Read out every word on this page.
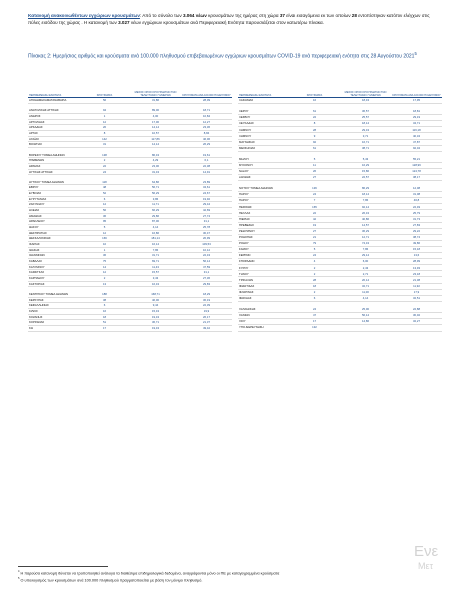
Κατανομή ανακοινωθέντων εγχώριων κρουσμάτων: Από το σύνολο των 3.064 νέων κρουσμάτων της ημέρας στη χώρα 37 είναι εισαγόμενα εκ των οποίων 28 εντοπίστηκαν κατόπιν ελέγχων στις πύλες εισόδου της χώρας . Η κατανομή των 3.027 νέων εγχώριων κρουσμάτων ανά Περιφερειακή Ενότητα παρουσιάζεται στον κατωτέρω πίνακα.
Πίνακας 2: Ημερήσιος αριθμός και κρούσματα ανά 100.000 πληθυσμού επιβεβαιωμένων εγχώριων κρουσμάτων COVID-19 ανά περιφερειακή ενότητα στις 28 Αυγούστου 2021$^5$
ΠΕΡΙΦΕΡΕΙΑΚΗ ΕΝΟΤΗΤΑ	ΚΡΟΥΣΜΑΤΑ	ΜΕΣΟΣ ΟΡΟΣ ΚΡΟΥΣΜΑΤΩΝ ΤΩΝ ΤΕΛΕΥΤΑΙΩΝ 7 ΗΜΕΡΩΝ	ΚΡΟΥΣΜΑΤΑ ΑΝΑ 100.000 ΠΛΗΘΥΣΜΟΥ
ΑΠΟΔΗΜΗΣΑΜΑΤΑΝΑΒΑΡΙΑ	56	31,86	28,09

ΑΝΑΤΟΛΙΚΗΣ ΑΤΤΙΚΗΣ	94	89,00	18,71
ΑΝΔΡΟΣ	1	4,00	10,84
ΑΡΓΟΛΙΔΑΣ	12	17,00	12,27
ΑΡΚΑΔΙΑΣ	20	14,14	23,36
ΑΡΤΑΣ	8	10,57	8,84
ΑΧΑΪΑΣ	142	117,86	46,06
ΒΟΙΩΤΙΑΣ	31	14,14	26,29

ΒΟΡΕΙΟΥ ΤΟΜΕΑ ΑΘΗΝΩΝ	138	86,43	19,61
ΓΡΕΒΕΝΩΝ	2	4,29	6,1
ΔΡΑΜΑΣ	22	23,00	22,38
ΔΥΤΙΚΗΣ ΑΤΤΙΚΗΣ	24	31,43	14,91

ΔΥΤΙΚΟΥ ΤΟΜΕΑ ΑΘΗΝΩΝ	118	64,86	23,89
ΕΒΡΟΥ	48	56,71	34,61
ΕΥΒΟΙΑΣ	52	56,29	24,67
ΕΥΡΥΤΑΝΙΑΣ	6	3,86	19,92
ΖΑΚΥΝΘΟΥ	12	11,71	29,44
ΗΛΕΙΑΣ	56	66,29	42,69
ΗΜΑΘΙΑΣ	36	29,86	27,74
ΗΡΑΚΛΕΙΟΥ	95	87,00	31,1
ΘΑΣΟΥ	5	4,14	25,78
ΘΕΣΠΡΩΤΙΑΣ	12	16,86	30,47
ΘΕΣΣΑΛΟΝΙΚΗΣ	166	181,14	20,99
ΙΚΑΡΙΑΣ	10	16,14	109,53
ΙΘΑΚΗΣ	1	7,86	10,12
ΙΩΑΝΝΙΝΩΝ	36	31,71	22,43
ΚΑΒΑΛΑΣ	75	69,71	56,14
ΚΑΛΥΜΝΟΥ	14	11,43	47,59
ΚΑΡΔΙΤΣΑΣ	12	15,57	31,1
ΚΑΡΠΑΘΟΥ	2	3,43	27,36
ΚΑΣΤΟΡΙΑΣ	13	16,43	29,83

ΚΕΝΤΡΙΚΟΥ ΤΟΜΕΑ ΑΘΗΝΩΝ	188	168,71	18,29
ΚΕΡΚΥΡΑΣ	38	46,00	36,19
ΚΕΦΑΛΛΗΝΙΑΣ	6	9,44	22,39
ΚΙΛΚΙΣ	16	15,43	19,9
ΚΟΖΑΝΗΣ	18	19,43	26,17
ΚΟΡΙΝΘΙΑΣ	51	36,71	21,37
ΚΩ	17	19,43	49,42
ΠΕΡΙΦΕΡΕΙΑΚΗ ΕΝΟΤΗΤΑ	ΚΡΟΥΣΜΑΤΑ	ΜΕΣΟΣ ΟΡΟΣ ΚΡΟΥΣΜΑΤΩΝ ΤΩΝ ΤΕΛΕΥΤΑΙΩΝ 7 ΗΜΕΡΩΝ	ΚΡΟΥΣΜΑΤΑ ΑΝΑ 100.000 ΠΛΗΘΥΣΜΟΥ
ΛΑΚΩΝΙΑΣ	16	18,43	17,95

ΛΕΡΟΥ	61	36,57	18,81
ΛΕΣΒΟΥ	22	25,57	29,19
ΛΕΥΚΑΔΑΣ	8	18,14	34,71
ΛΗΜΝΟΥ	28	29,43	116,18
ΛΗΜΝΟΥ	9	3,71	40,34
ΜΑΓΝΗΣΙΑΣ	92	16,71	47,87
ΜΕΣΣΗΝΙΑΣ	61	38,71	92,04

ΜΗΛΟΥ	5	5,43	55,21
ΜΥΚΟΝΟΥ	11	16,29	128,96
ΝΑΞΟΥ	26	15,86	124,78
ΞΑΝΘΗΣ	27	22,57	38,17

ΝΟΤΙΟΥ ΤΟΜΕΑ ΑΘΗΝΩΝ	136	86,29	12,08
ΠΑΡΟΥ	24	18,14	31,08
ΠΑΡΟΥ	7	7,86	46,8
ΠΕΙΡΑΙΩΣ	165	92,14	22,49
ΠΕΛΛΑΣ	22	26,43	25,79
ΠΙΕΡΙΑΣ	42	40,86	31,73
ΠΡΕΒΕΖΗΣ	19	14,57	27,83
ΡΕΘΥΜΝΟΥ	27	36,29	29,22
ΡΟΔΟΠΗΣ	21	12,71	38,74
ΡΟΔΟΥ	79	74,43	49,86
ΣΑΜΟΥ	5	7,86	15,18
ΣΕΡΡΩΝ	24	29,14	13,6
ΣΠΟΡΑΔΩΝ	4	6,00	28,99
ΣΥΡΟΥ	2	2,43	13,93
ΤΗΝΟΥ	2	2,71	23,18
ΤΡΙΚΑΛΩΝ	28	20,14	21,38
ΦΘΙΩΤΙΔΑΣ	18	32,71	11,92
ΦΛΩΡΙΝΑΣ	2	11,00	17,9
ΦΩΚΙΔΑΣ	6	4,14	32,51

ΧΑΛΚΙΔΙΚΗΣ	24	25,00	22,88
ΧΑΝΙΩΝ	47	56,14	30,02
ΧΙΟΥ	17	14,86	32,27
ΥΠΟ ΔΙΕΡΕΥΝΗΣΗ	132		
Ενε
Μετ
$^4$ Η παρούσα κατανομή δύναται να τροποποιηθεί ανάλογα τα διαθέσιμα επιδημιολογικά δεδομένα, αναγράφονται μόνο οι ΠΕ με καταγεγραμμένα κρούσματα
$^5$ Ο υπολογισμός των κρουσμάτων ανά 100.000 πληθυσμού πραγματοποιείται με βάση τον μόνιμο πληθυσμό.
